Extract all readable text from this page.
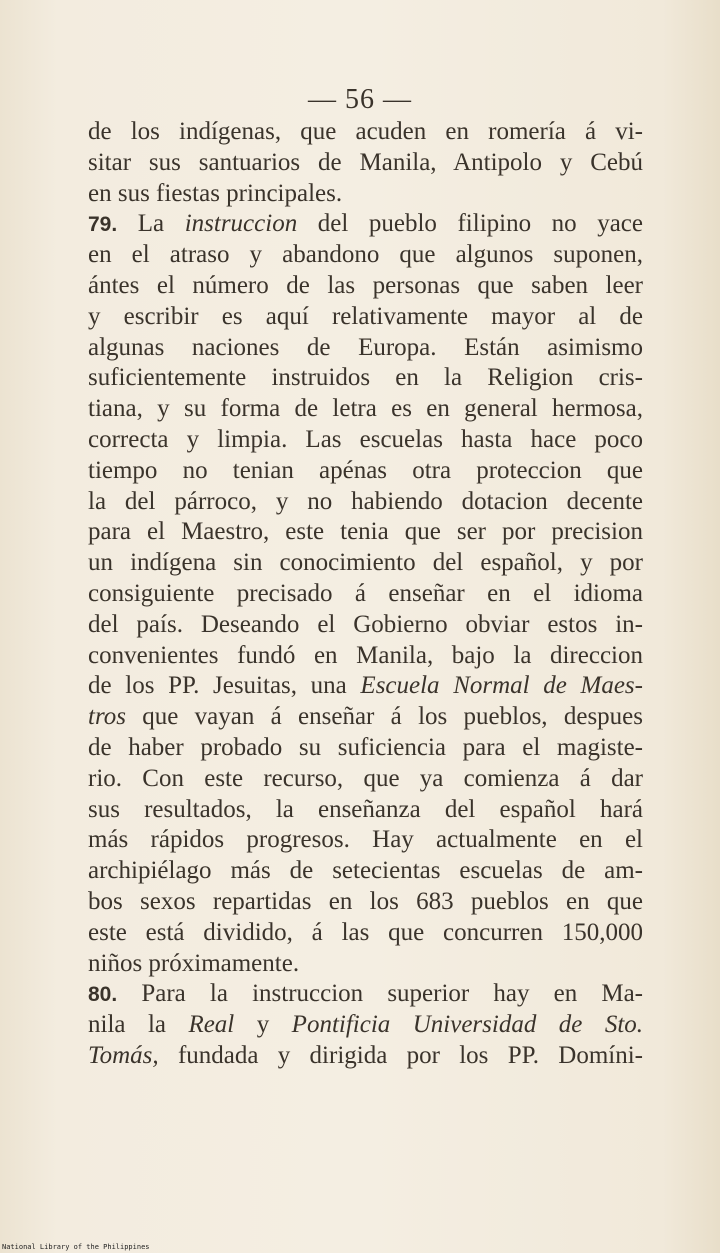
— 56 —
de los indígenas, que acuden en romería á vi-
sitar sus santuarios de Manila, Antipolo y Cebú
en sus fiestas principales.
79. La instruccion del pueblo filipino no yace
en el atraso y abandono que algunos suponen,
ántes el número de las personas que saben leer
y escribir es aquí relativamente mayor al de
algunas naciones de Europa. Están asimismo
suficientemente instruidos en la Religion cris-
tiana, y su forma de letra es en general hermosa,
correcta y limpia. Las escuelas hasta hace poco
tiempo no tenian apénas otra proteccion que
la del párroco, y no habiendo dotacion decente
para el Maestro, este tenia que ser por precision
un indígena sin conocimiento del español, y por
consiguiente precisado á enseñar en el idioma
del país. Deseando el Gobierno obviar estos in-
convenientes fundó en Manila, bajo la direccion
de los PP. Jesuitas, una Escuela Normal de Maes-
tros que vayan á enseñar á los pueblos, despues
de haber probado su suficiencia para el magiste-
rio. Con este recurso, que ya comienza á dar
sus resultados, la enseñanza del español hará
más rápidos progresos. Hay actualmente en el
archipiélago más de setecientas escuelas de am-
bos sexos repartidas en los 683 pueblos en que
este está dividido, á las que concurren 150,000
niños próximamente.
80. Para la instruccion superior hay en Ma-
nila la Real y Pontificia Universidad de Sto.
Tomás, fundada y dirigida por los PP. Domíni-
National Library of the Philippines
